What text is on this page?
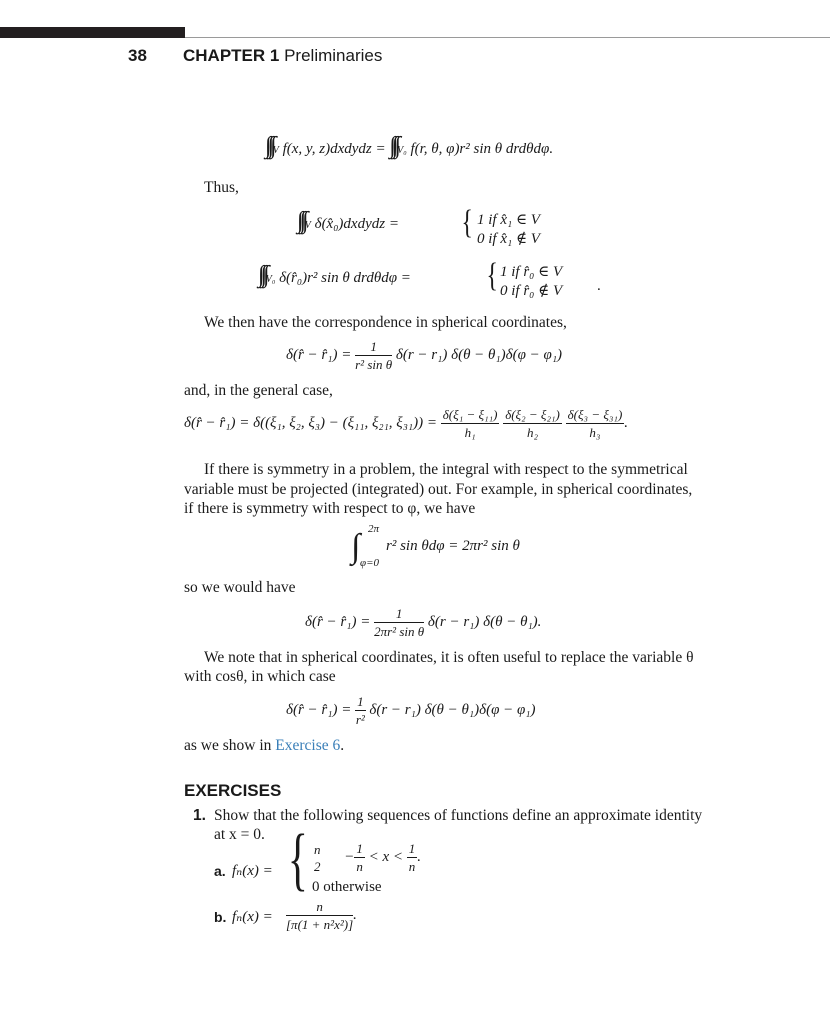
38 CHAPTER 1 Preliminaries
∫∫∫V f(x, y, z)dxdydz = ∫∫∫V₀ f(r, θ, φ)r² sin θ drdθdφ.
Thus,
∫∫∫V δ(x̂₀)dxdydz = { 1 if x̂₁ ∈ V
0 if x̂₁ ∉ V
∫∫∫V₀ δ(r̂₀)r² sin θ drdθdφ = { 1 if r̂₀ ∈ V
0 if r̂₀ ∉ V .
We then have the correspondence in spherical coordinates,
δ(r̂ − r̂₁) = $\frac{1}{\text{r² sin θ}} \delta(r - r_1) \delta(\theta - \theta_1)\delta(\varphi - \varphi_1)$
and, in the general case,
δ(r̂ − r̂₁) = δ((ξ₁, ξ₂, ξ₃) − (ξ₁₁, ξ₂₁, $\xi_{31})) = \frac{\text{δ(ξ₁ − ξ₁₁)}}{\text{h₁}}$
$\frac{\text{δ(ξ₂ − ξ₂₁)}}{\text{h₂}}$
$\frac{\text{δ(ξ₃ − ξ₃₁)}}{\text{h₃}}$ .
If there is symmetry in a problem, the integral with respect to the symmetrical
variable must be projected (integrated) out. For example, in spherical coordinates,
if there is symmetry with respect to φ, we have
∫ 2π
φ=0
r² sin θdφ = 2πr² sin θ
so we would have
δ(r̂ − r̂₁) = $\frac{1}{\text{2πr² sin θ}} \delta(r - r_1) \delta(\theta - \theta_1)$.
We note that in spherical coordinates, it is often useful to replace the variable θ
with cosθ, in which case
δ(r̂ − r̂₁) = $\frac{1}{\text{r²}} \delta(r - r_1) \delta(\theta - \theta_1)\delta(\varphi - \varphi_1)$
as we show in Exercise 6.
EXERCISES
1. Show that the following sequences of functions define an approximate identity
at x = 0.
a. fₙ(x) = { n
2
− $\frac{1}{n} < x < \frac{1}{n}$ .
0 otherwise
b. $f_n(x) = \frac{n}{\text{[π(1 + n²x²)]}}$ .
